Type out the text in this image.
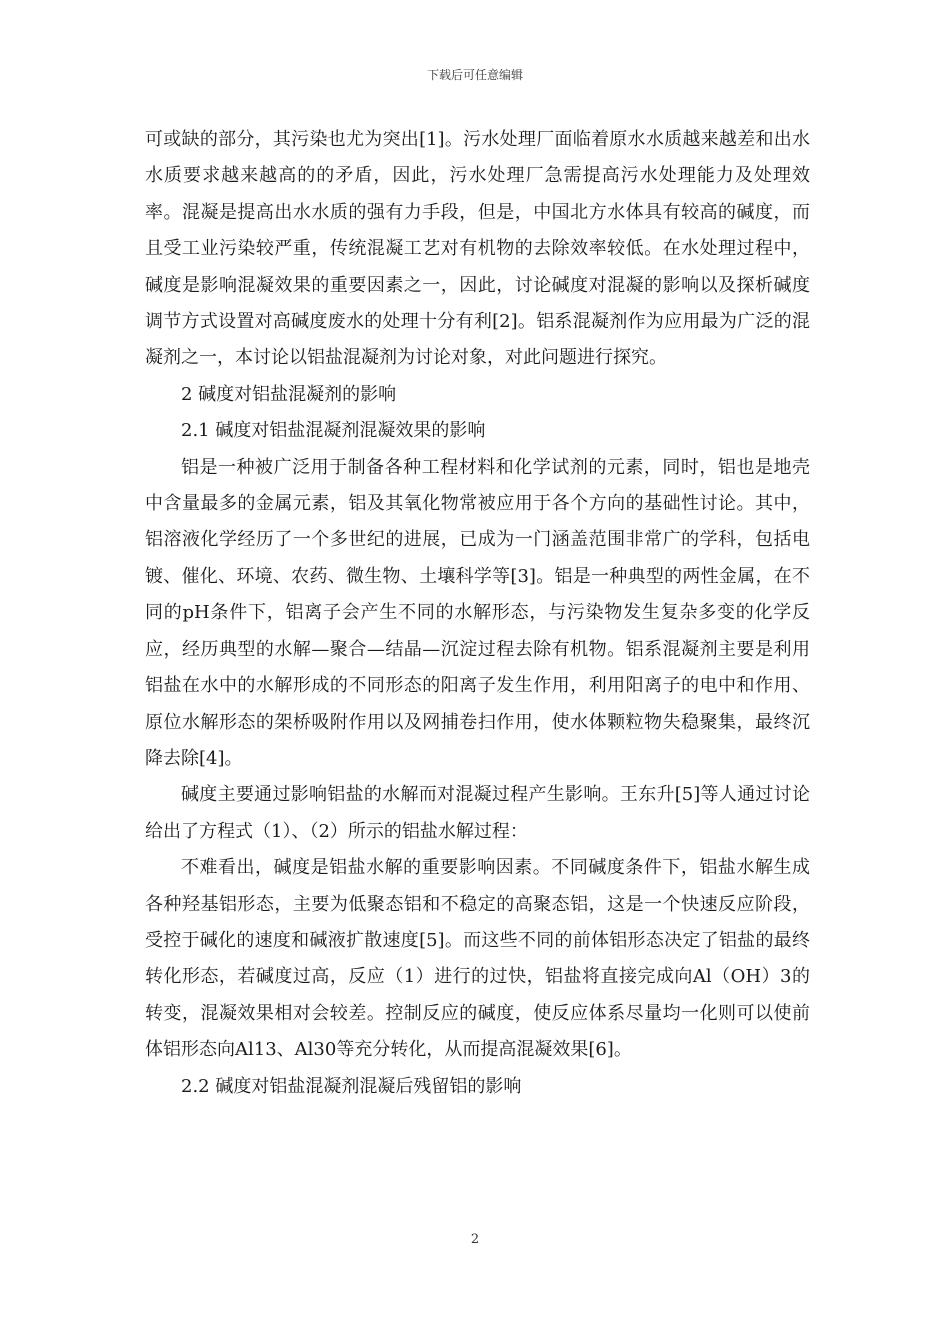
下载后可任意编辑

可或缺的部分，其污染也尤为突出[1]。污水处理厂面临着原水水质越来越差和出水水质要求越来越高的的矛盾，因此，污水处理厂急需提高污水处理能力及处理效率。混凝是提高出水水质的强有力手段，但是，中国北方水体具有较高的碱度，而且受工业污染较严重，传统混凝工艺对有机物的去除效率较低。在水处理过程中，碱度是影响混凝效果的重要因素之一，因此，讨论碱度对混凝的影响以及探析碱度调节方式设置对高碱度废水的处理十分有利[2]。铝系混凝剂作为应用最为广泛的混凝剂之一，本讨论以铝盐混凝剂为讨论对象，对此问题进行探究。

2 碱度对铝盐混凝剂的影响

2.1 碱度对铝盐混凝剂混凝效果的影响

铝是一种被广泛用于制备各种工程材料和化学试剂的元素，同时，铝也是地壳中含量最多的金属元素，铝及其氧化物常被应用于各个方向的基础性讨论。其中，铝溶液化学经历了一个多世纪的进展，已成为一门涵盖范围非常广的学科，包括电镀、催化、环境、农药、微生物、土壤科学等[3]。铝是一种典型的两性金属，在不同的pH条件下，铝离子会产生不同的水解形态，与污染物发生复杂多变的化学反应，经历典型的水解—聚合—结晶—沉淀过程去除有机物。铝系混凝剂主要是利用铝盐在水中的水解形成的不同形态的阳离子发生作用，利用阳离子的电中和作用、原位水解形态的架桥吸附作用以及网捕卷扫作用，使水体颗粒物失稳聚集，最终沉降去除[4]。

碱度主要通过影响铝盐的水解而对混凝过程产生影响。王东升[5]等人通过讨论给出了方程式（1）、（2）所示的铝盐水解过程：

不难看出，碱度是铝盐水解的重要影响因素。不同碱度条件下，铝盐水解生成各种羟基铝形态，主要为低聚态铝和不稳定的高聚态铝，这是一个快速反应阶段，受控于碱化的速度和碱液扩散速度[5]。而这些不同的前体铝形态决定了铝盐的最终转化形态，若碱度过高，反应（1）进行的过快，铝盐将直接完成向Al（OH）3的转变，混凝效果相对会较差。控制反应的碱度，使反应体系尽量均一化则可以使前体铝形态向Al13、Al30等充分转化，从而提高混凝效果[6]。

2.2 碱度对铝盐混凝剂混凝后残留铝的影响

2
